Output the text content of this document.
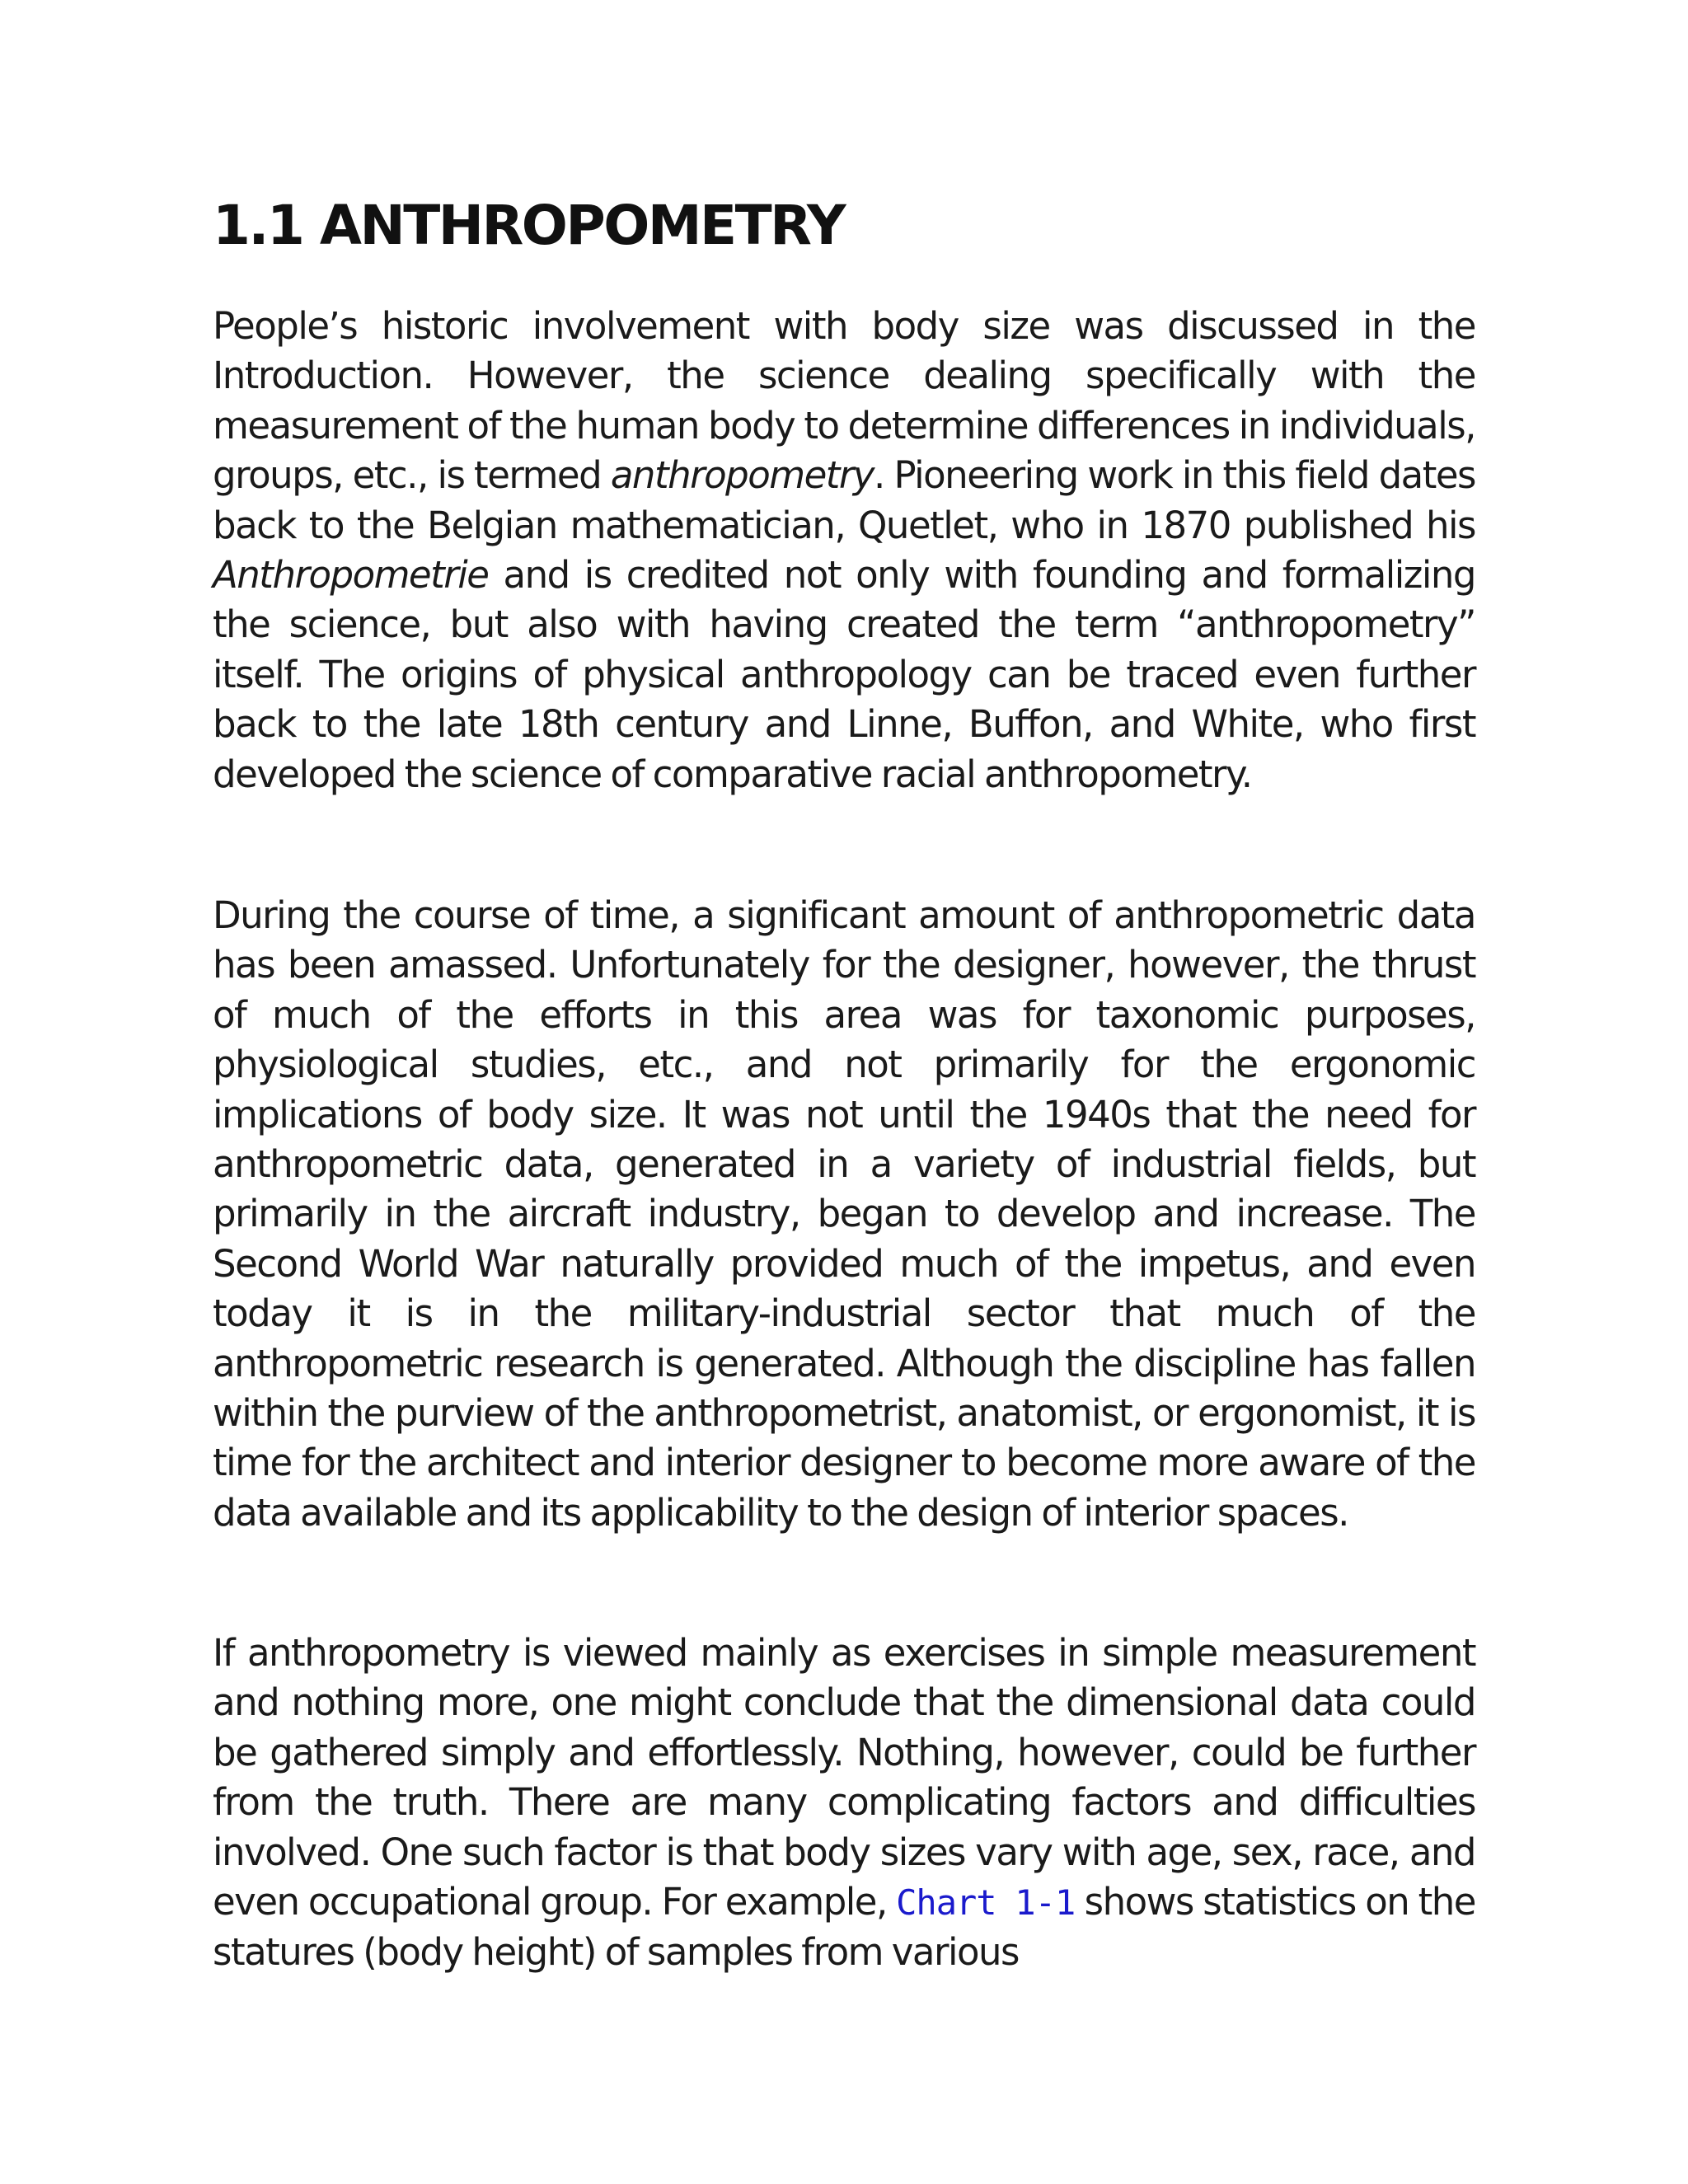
1.1 ANTHROPOMETRY

People’s historic involvement with body size was discussed in the Introduction. However, the science dealing specifically with the measurement of the human body to determine differences in individuals, groups, etc., is termed anthropometry. Pioneering work in this field dates back to the Belgian mathematician, Quetlet, who in 1870 published his Anthropometrie and is credited not only with founding and formalizing the science, but also with having created the term “anthropometry” itself. The origins of physical anthropology can be traced even further back to the late 18th century and Linne, Buffon, and White, who first developed the science of comparative racial anthropometry.

During the course of time, a significant amount of anthropometric data has been amassed. Unfortunately for the designer, however, the thrust of much of the efforts in this area was for taxonomic purposes, physiological studies, etc., and not primarily for the ergonomic implications of body size. It was not until the 1940s that the need for anthropometric data, generated in a variety of industrial fields, but primarily in the aircraft industry, began to develop and increase. The Second World War naturally provided much of the impetus, and even today it is in the military-industrial sector that much of the anthropometric research is generated. Although the discipline has fallen within the purview of the anthropometrist, anatomist, or ergonomist, it is time for the architect and interior designer to become more aware of the data available and its applicability to the design of interior spaces.

If anthropometry is viewed mainly as exercises in simple measurement and nothing more, one might conclude that the dimensional data could be gathered simply and effortlessly. Nothing, however, could be further from the truth. There are many complicating factors and difficulties involved. One such factor is that body sizes vary with age, sex, race, and even occupational group. For example, Chart 1-1 shows statistics on the statures (body height) of samples from various
